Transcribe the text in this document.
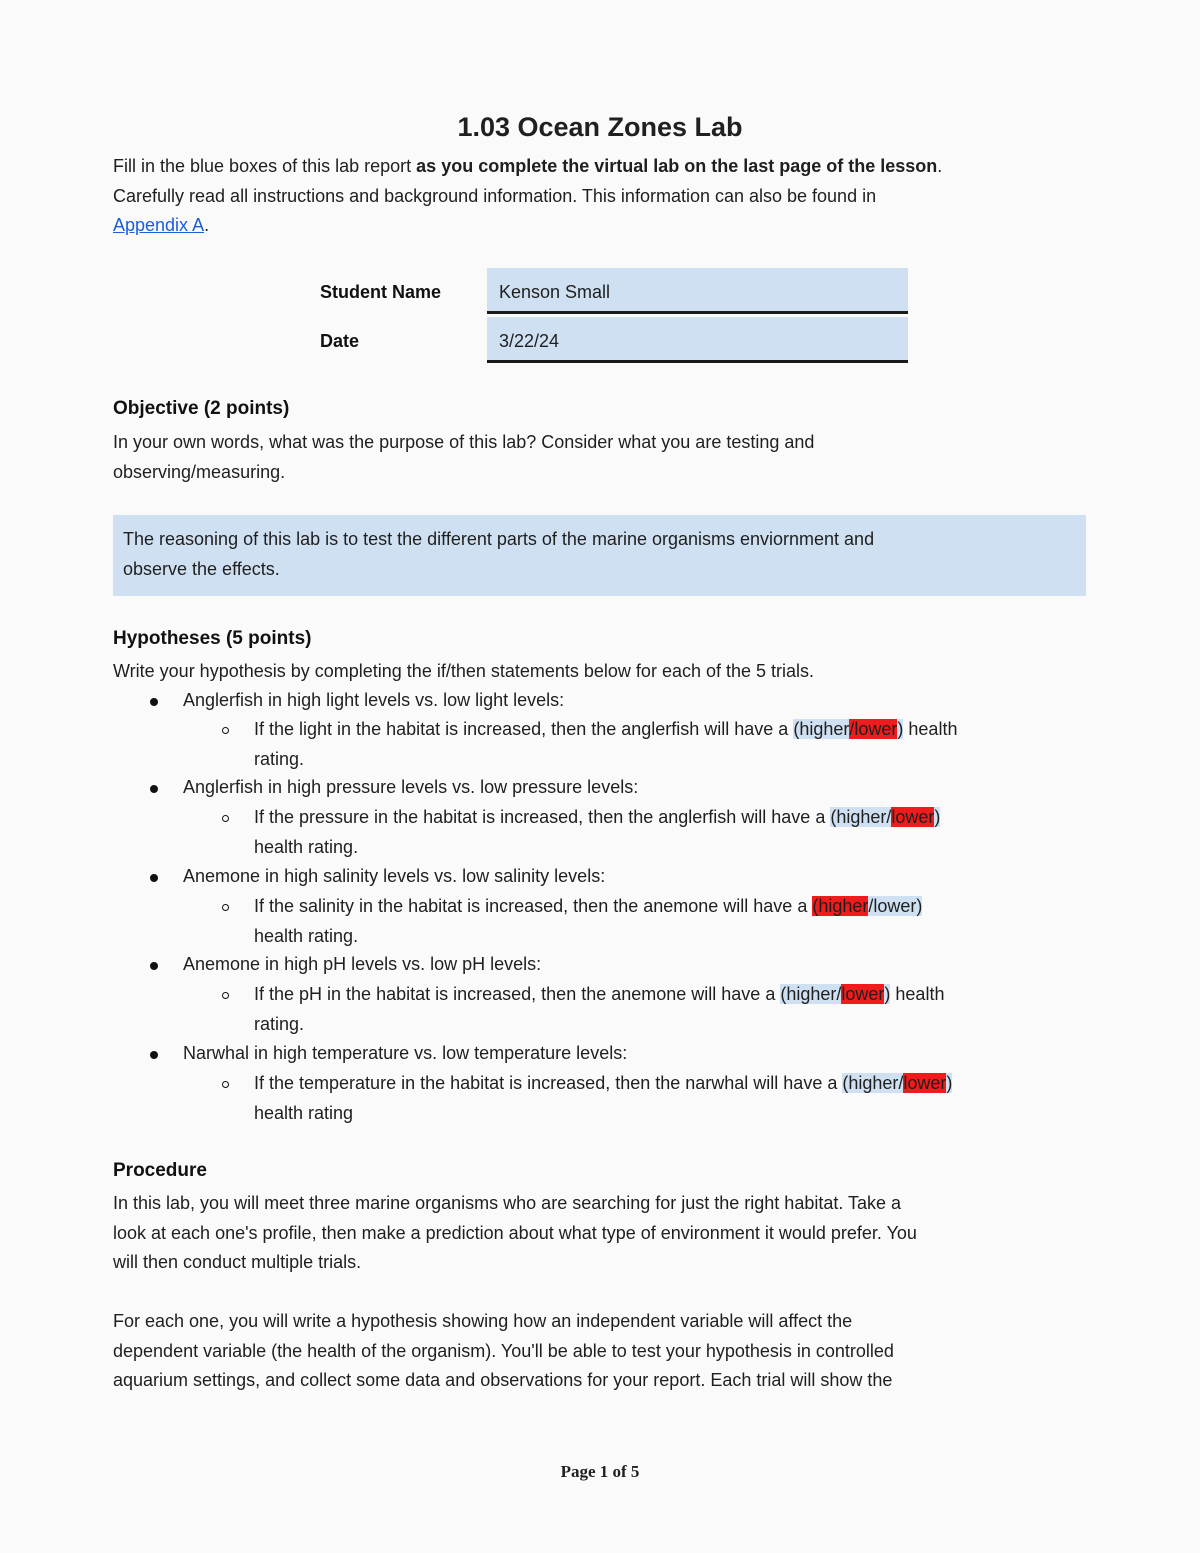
1.03 Ocean Zones Lab
Fill in the blue boxes of this lab report as you complete the virtual lab on the last page of the lesson.
Carefully read all instructions and background information. This information can also be found in
Appendix A.
Student Name	Kenson Small
Date	3/22/24
Objective (2 points)
In your own words, what was the purpose of this lab? Consider what you are testing and
observing/measuring.
The reasoning of this lab is to test the different parts of the marine organisms enviornment and
observe the effects.
Hypotheses (5 points)
Write your hypothesis by completing the if/then statements below for each of the 5 trials.
Anglerfish in high light levels vs. low light levels:
If the light in the habitat is increased, then the anglerfish will have a (higher/lower) health
rating.
Anglerfish in high pressure levels vs. low pressure levels:
If the pressure in the habitat is increased, then the anglerfish will have a (higher/lower)
health rating.
Anemone in high salinity levels vs. low salinity levels:
If the salinity in the habitat is increased, then the anemone will have a (higher/lower)
health rating.
Anemone in high pH levels vs. low pH levels:
If the pH in the habitat is increased, then the anemone will have a (higher/lower) health
rating.
Narwhal in high temperature vs. low temperature levels:
If the temperature in the habitat is increased, then the narwhal will have a (higher/lower)
health rating
Procedure
In this lab, you will meet three marine organisms who are searching for just the right habitat. Take a
look at each one's profile, then make a prediction about what type of environment it would prefer. You
will then conduct multiple trials.
For each one, you will write a hypothesis showing how an independent variable will affect the
dependent variable (the health of the organism). You'll be able to test your hypothesis in controlled
aquarium settings, and collect some data and observations for your report. Each trial will show the
Page 1 of 5
